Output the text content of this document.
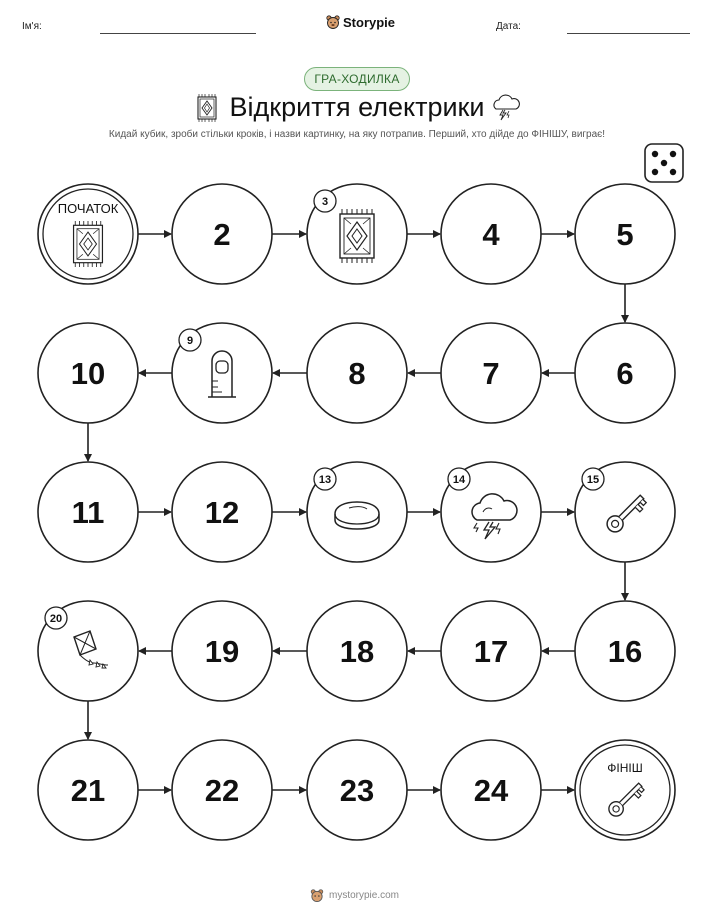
Ім'я:	Storypie	Дата:
ГРА-ХОДИЛКА
Відкриття електрики
Кидай кубик, зроби стільки кроків, і назви картинку, на яку потрапив. Перший, хто дійде до ФІНІШУ, виграє!
ПОЧАТОК
2
3
4	5
6
7
8
9
10
11	12
13	14	15
16
17
18
19
20
21	22	23	24
ФІНІШ
mystorypie.com
